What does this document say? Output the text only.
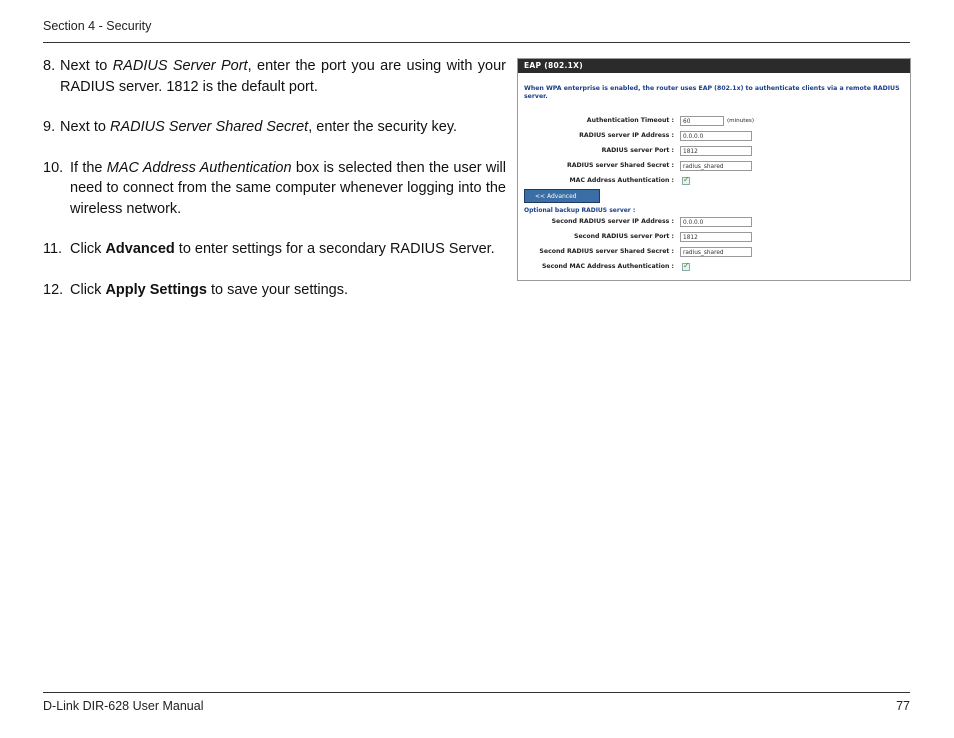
Section 4 - Security
8. Next to RADIUS Server Port, enter the port you are using with your RADIUS server. 1812 is the default port.
9. Next to RADIUS Server Shared Secret, enter the security key.
10. If the MAC Address Authentication box is selected then the user will need to connect from the same computer whenever logging into the wireless network.
11. Click Advanced to enter settings for a secondary RADIUS Server.
12. Click Apply Settings to save your settings.
EAP (802.1X)
When WPA enterprise is enabled, the router uses EAP (802.1x) to authenticate clients via a remote RADIUS server.
Authentication Timeout :	60	(minutes)
RADIUS server IP Address :	0.0.0.0
RADIUS server Port :	1812
RADIUS server Shared Secret :	radius_shared
MAC Address Authentication :
✓
<< Advanced
Optional backup RADIUS server :
Second RADIUS server IP Address :	0.0.0.0
Second RADIUS server Port :	1812
Second RADIUS server Shared Secret :	radius_shared
Second MAC Address Authentication :
✓
D-Link DIR-628 User Manual	77
